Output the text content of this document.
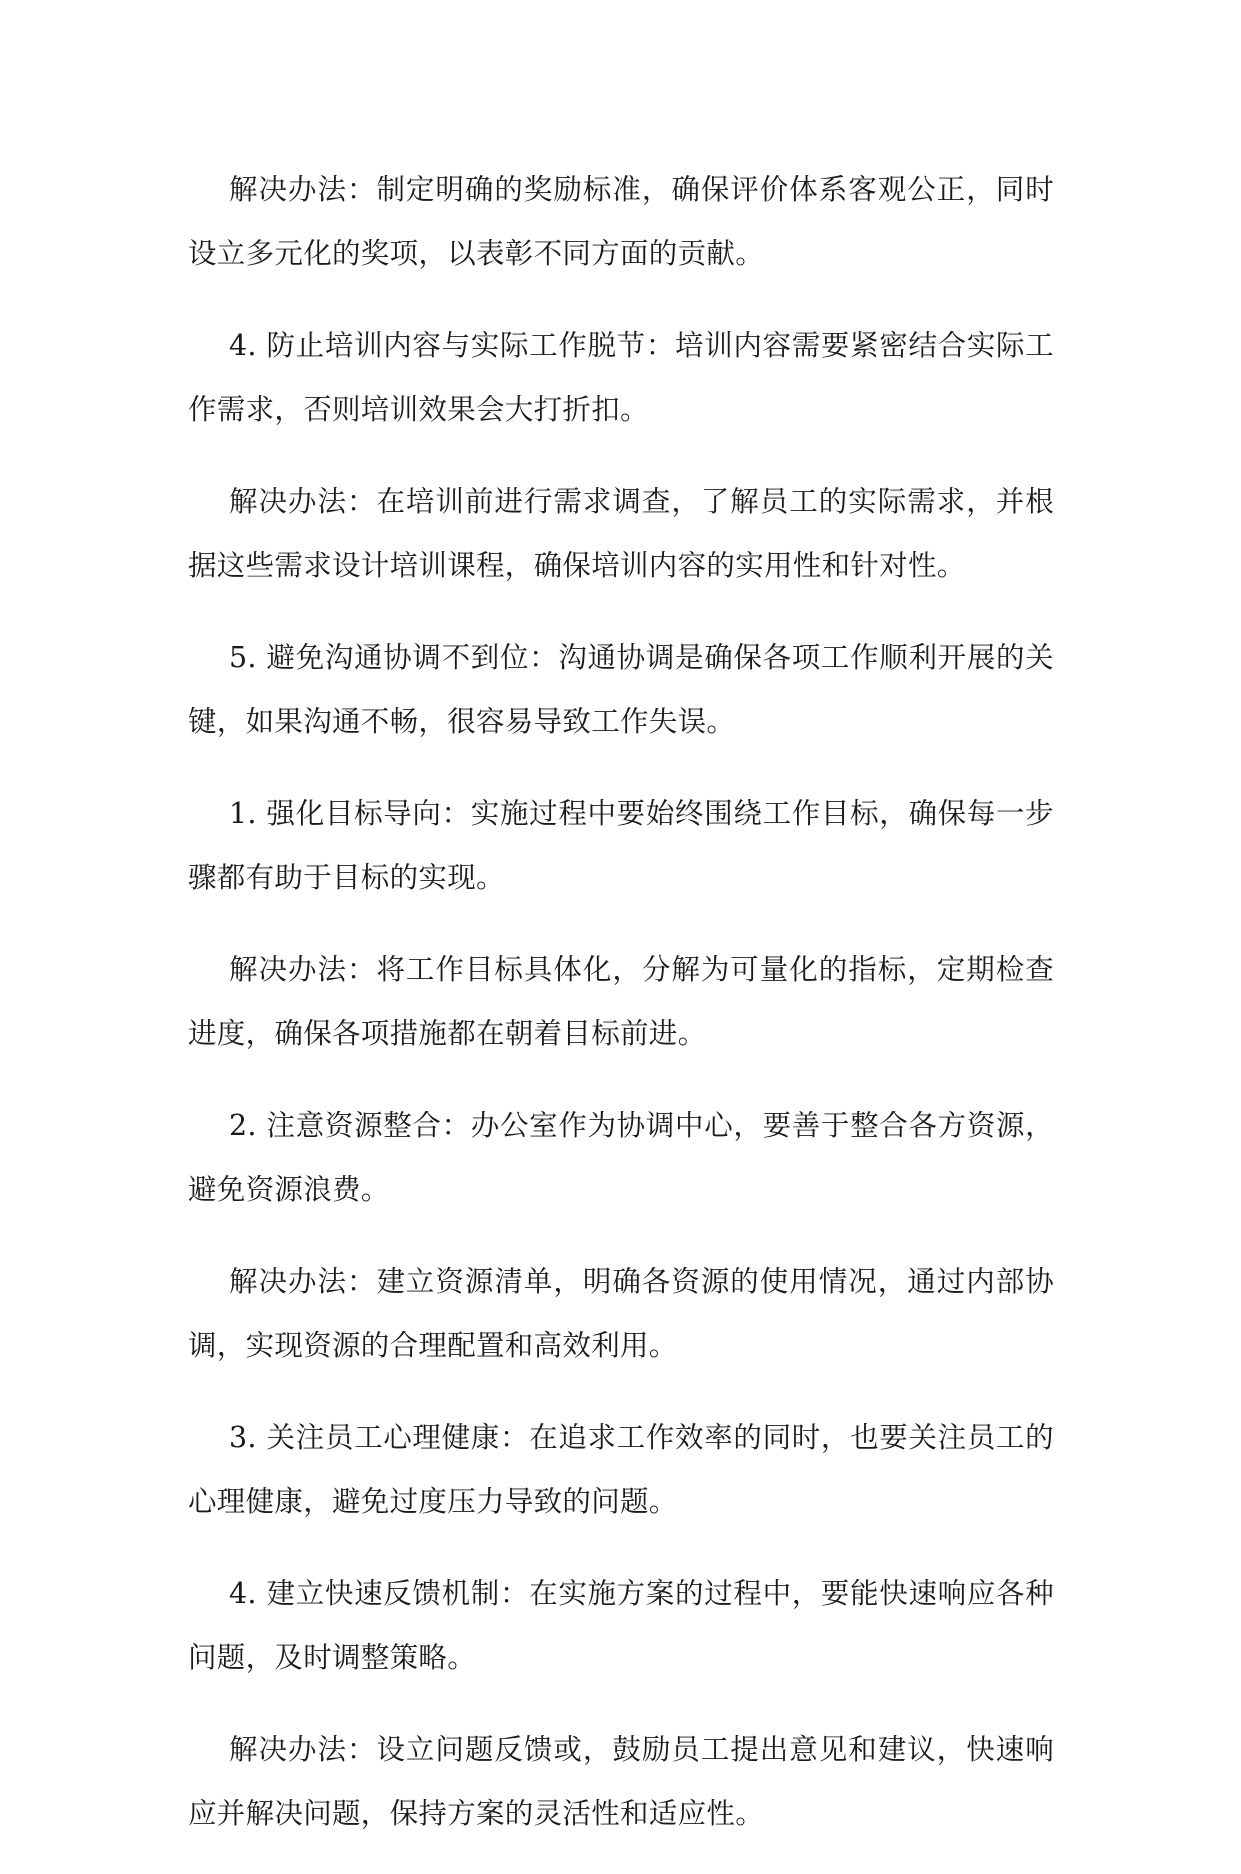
解决办法：制定明确的奖励标准，确保评价体系客观公正，同时设立多元化的奖项，以表彰不同方面的贡献。

4. 防止培训内容与实际工作脱节：培训内容需要紧密结合实际工作需求，否则培训效果会大打折扣。

解决办法：在培训前进行需求调查，了解员工的实际需求，并根据这些需求设计培训课程，确保培训内容的实用性和针对性。

5. 避免沟通协调不到位：沟通协调是确保各项工作顺利开展的关键，如果沟通不畅，很容易导致工作失误。

1. 强化目标导向：实施过程中要始终围绕工作目标，确保每一步骤都有助于目标的实现。

解决办法：将工作目标具体化，分解为可量化的指标，定期检查进度，确保各项措施都在朝着目标前进。

2. 注意资源整合：办公室作为协调中心，要善于整合各方资源，避免资源浪费。

解决办法：建立资源清单，明确各资源的使用情况，通过内部协调，实现资源的合理配置和高效利用。

3. 关注员工心理健康：在追求工作效率的同时，也要关注员工的心理健康，避免过度压力导致的问题。

4. 建立快速反馈机制：在实施方案的过程中，要能快速响应各种问题，及时调整策略。

解决办法：设立问题反馈或，鼓励员工提出意见和建议，快速响应并解决问题，保持方案的灵活性和适应性。
